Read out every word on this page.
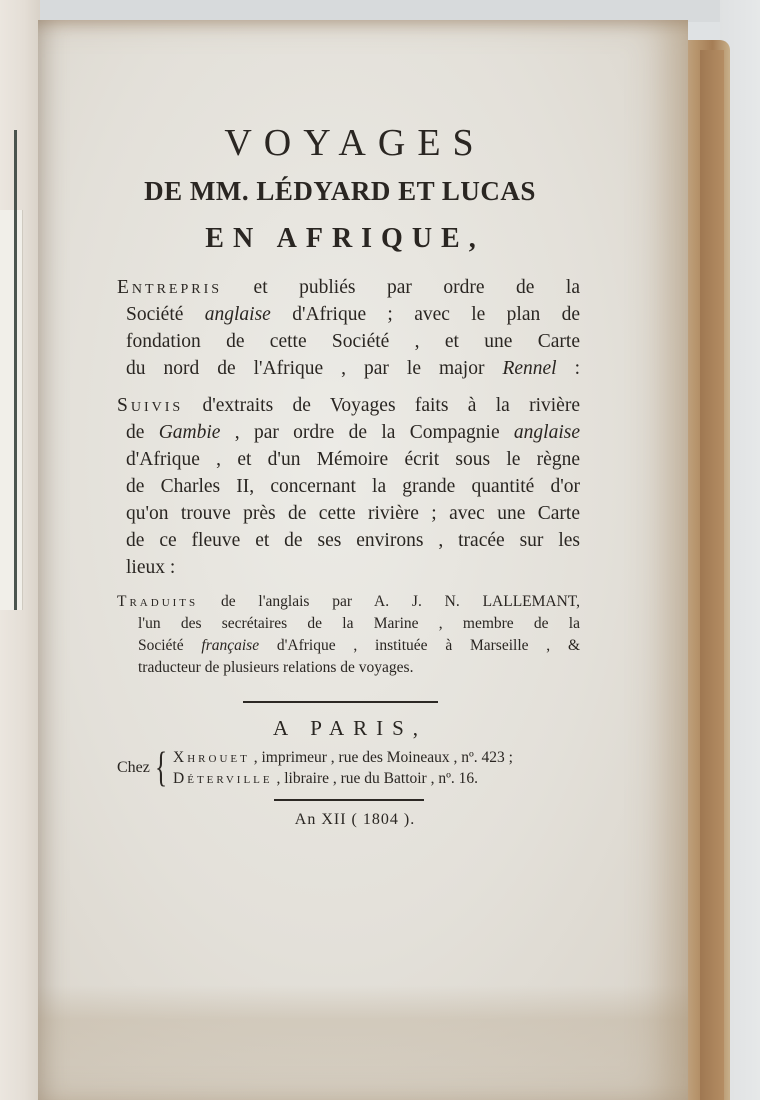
VOYAGES
DE MM. LÉDYARD ET LUCAS
EN AFRIQUE,

Entrepris et publiés par ordre de la
Société anglaise d'Afrique ; avec le plan de
fondation de cette Société , et une Carte
du nord de l'Afrique , par le major Rennel :

Suivis d'extraits de Voyages faits à la rivière
de Gambie , par ordre de la Compagnie anglaise
d'Afrique , et d'un Mémoire écrit sous le règne
de Charles II, concernant la grande quantité d'or
qu'on trouve près de cette rivière ; avec une Carte
de ce fleuve et de ses environs , tracée sur les
lieux :

Traduits de l'anglais par A. J. N. LALLEMANT,
l'un des secrétaires de la Marine , membre de la
Société française d'Afrique , instituée à Marseille , &
traducteur de plusieurs relations de voyages.

A PARIS,
Chez { Xhrouet , imprimeur , rue des Moineaux , nº. 423 ;
Déterville , libraire , rue du Battoir , nº. 16.
An XII ( 1804 ).
